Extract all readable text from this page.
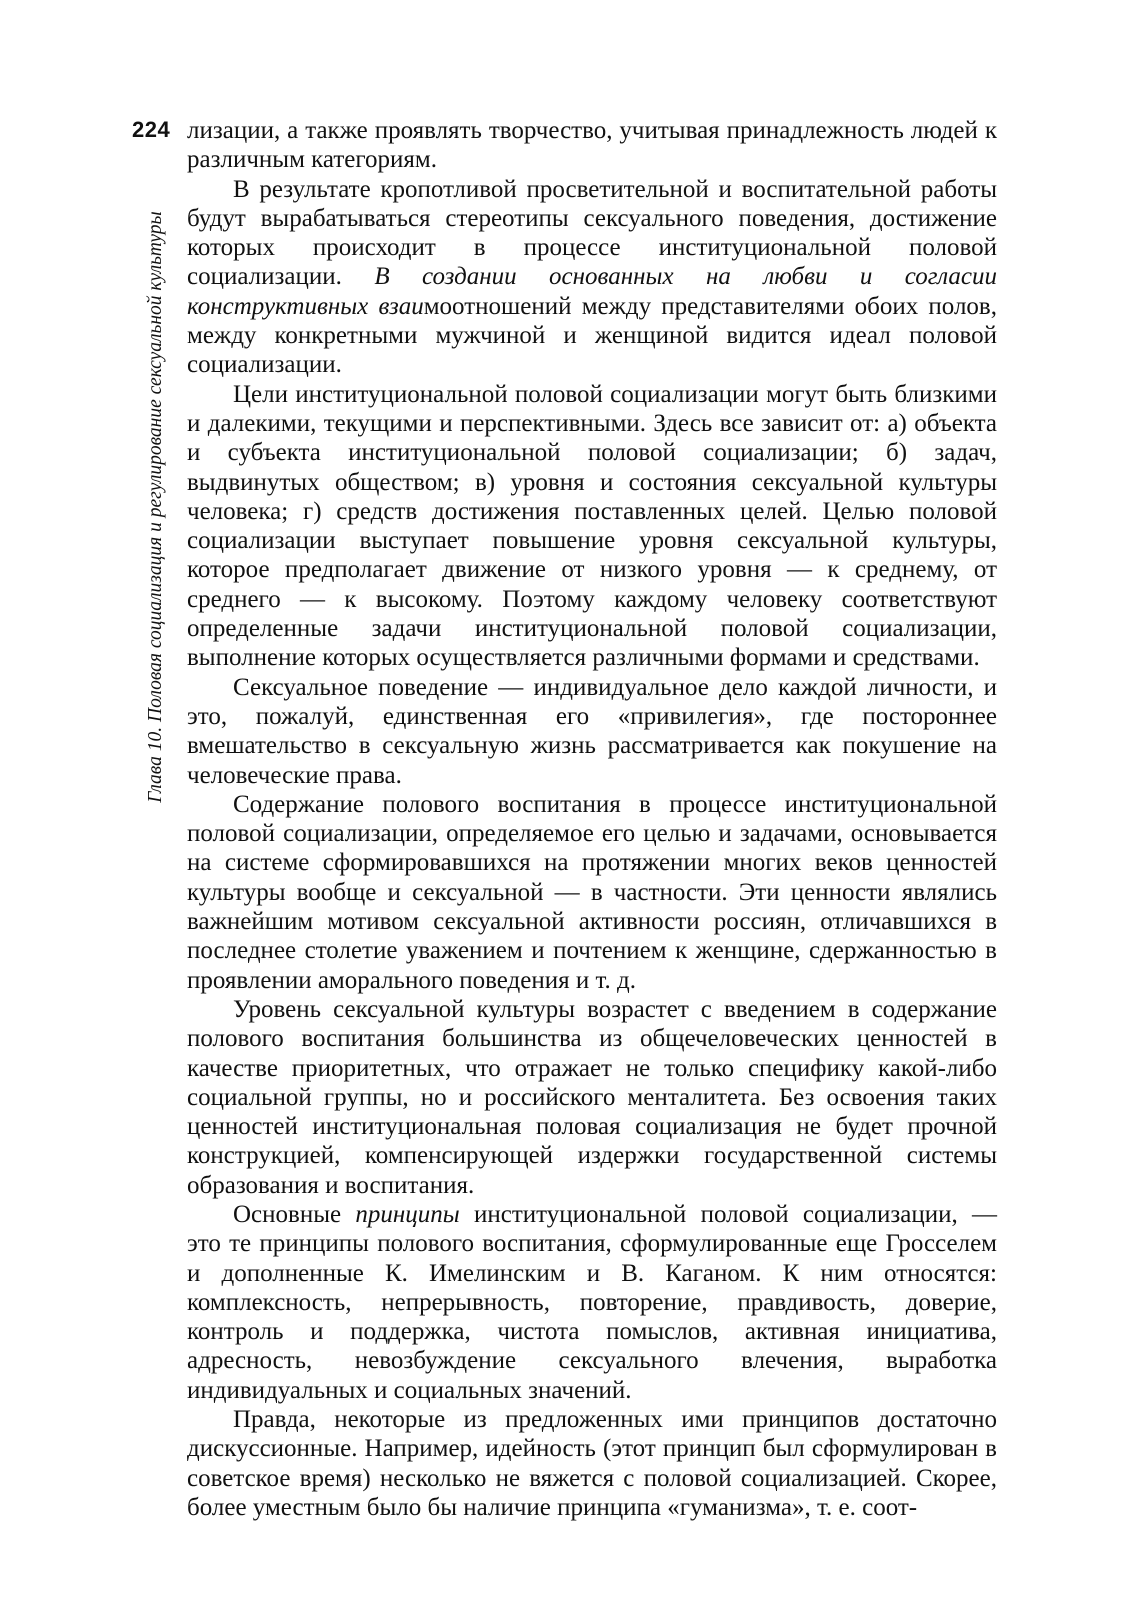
224
Глава 10. Половая социализация и регулирование сексуальной культуры

лизации, а также проявлять творчество, учитывая принадлежность людей к различным категориям.

В результате кропотливой просветительной и воспитательной работы будут вырабатываться стереотипы сексуального поведения, достижение которых происходит в процессе институциональной половой социализации. В создании основанных на любви и согласии конструктивных взаимоотношений между представителями обоих полов, между конкретными мужчиной и женщиной видится идеал половой социализации.

Цели институциональной половой социализации могут быть близкими и далекими, текущими и перспективными. Здесь все зависит от: а) объекта и субъекта институциональной половой социализации; б) задач, выдвинутых обществом; в) уровня и состояния сексуальной культуры человека; г) средств достижения поставленных целей. Целью половой социализации выступает повышение уровня сексуальной культуры, которое предполагает движение от низкого уровня — к среднему, от среднего — к высокому. Поэтому каждому человеку соответствуют определенные задачи институциональной половой социализации, выполнение которых осуществляется различными формами и средствами.

Сексуальное поведение — индивидуальное дело каждой личности, и это, пожалуй, единственная его «привилегия», где постороннее вмешательство в сексуальную жизнь рассматривается как покушение на человеческие права.

Содержание полового воспитания в процессе институциональной половой социализации, определяемое его целью и задачами, основывается на системе сформировавшихся на протяжении многих веков ценностей культуры вообще и сексуальной — в частности. Эти ценности являлись важнейшим мотивом сексуальной активности россиян, отличавшихся в последнее столетие уважением и почтением к женщине, сдержанностью в проявлении аморального поведения и т. д.

Уровень сексуальной культуры возрастет с введением в содержание полового воспитания большинства из общечеловеческих ценностей в качестве приоритетных, что отражает не только специфику какой-либо социальной группы, но и российского менталитета. Без освоения таких ценностей институциональная половая социализация не будет прочной конструкцией, компенсирующей издержки государственной системы образования и воспитания.

Основные принципы институциональной половой социализации, — это те принципы полового воспитания, сформулированные еще Гросселем и дополненные К. Имелинским и В. Каганом. К ним относятся: комплексность, непрерывность, повторение, правдивость, доверие, контроль и поддержка, чистота помыслов, активная инициатива, адресность, невозбуждение сексуального влечения, выработка индивидуальных и социальных значений.

Правда, некоторые из предложенных ими принципов достаточно дискуссионные. Например, идейность (этот принцип был сформулирован в советское время) несколько не вяжется с половой социализацией. Скорее, более уместным было бы наличие принципа «гуманизма», т. е. соот-
